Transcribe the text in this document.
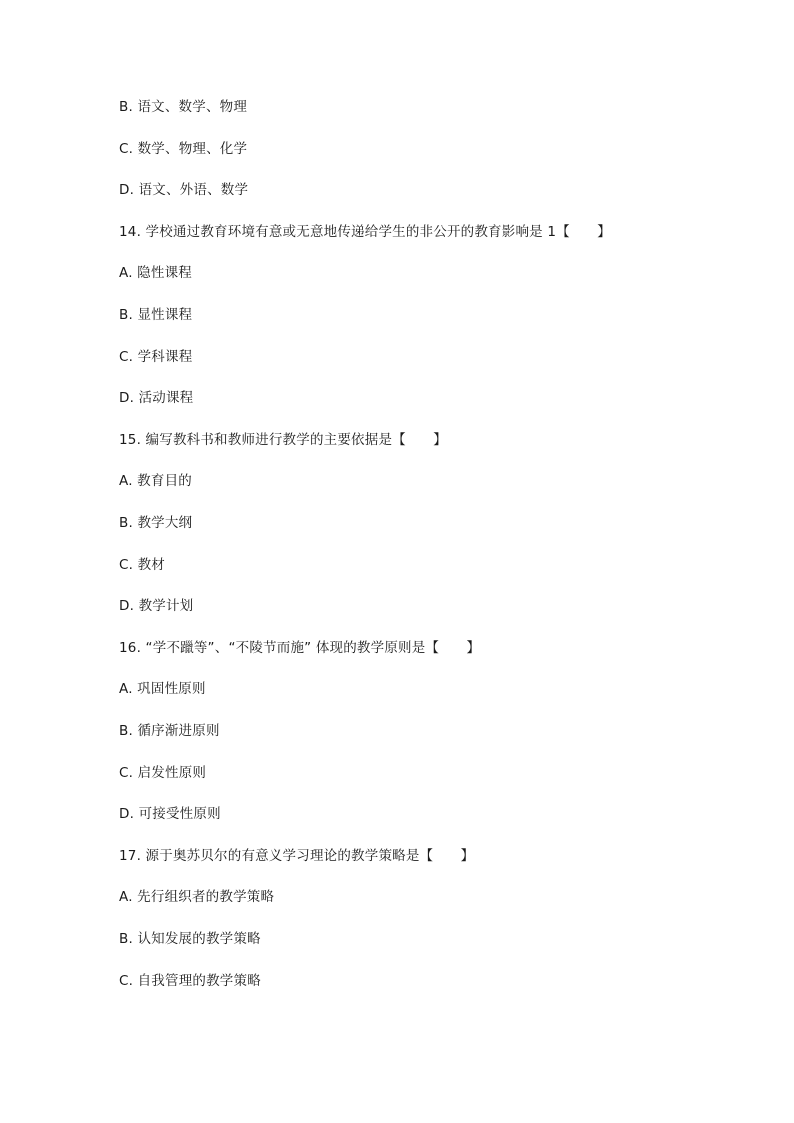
B. 语文、数学、物理
C. 数学、物理、化学
D. 语文、外语、数学
14. 学校通过教育环境有意或无意地传递给学生的非公开的教育影响是 1【　　】
A. 隐性课程
B. 显性课程
C. 学科课程
D. 活动课程
15. 编写教科书和教师进行教学的主要依据是【　　】
A. 教育目的
B. 教学大纲
C. 教材
D. 教学计划
16. “学不躐等”、“不陵节而施” 体现的教学原则是【　　】
A. 巩固性原则
B. 循序渐进原则
C. 启发性原则
D. 可接受性原则
17. 源于奥苏贝尔的有意义学习理论的教学策略是【　　】
A. 先行组织者的教学策略
B. 认知发展的教学策略
C. 自我管理的教学策略
